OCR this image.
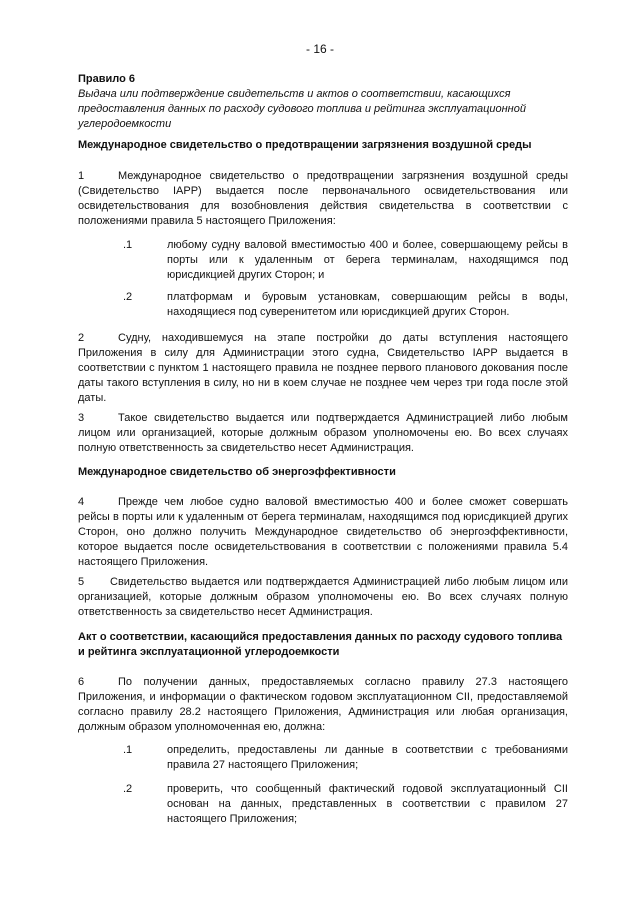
- 16 -
Правило 6
Выдача или подтверждение свидетельств и актов о соответствии, касающихся предоставления данных по расходу судового топлива и рейтинга эксплуатационной углеродоемкости
Международное свидетельство о предотвращении загрязнения воздушной среды
1	Международное свидетельство о предотвращении загрязнения воздушной среды (Свидетельство IAPP) выдается после первоначального освидетельствования или освидетельствования для возобновления действия свидетельства в соответствии с положениями правила 5 настоящего Приложения:
.1	любому судну валовой вместимостью 400 и более, совершающему рейсы в порты или к удаленным от берега терминалам, находящимся под юрисдикцией других Сторон; и
.2	платформам и буровым установкам, совершающим рейсы в воды, находящиеся под суверенитетом или юрисдикцией других Сторон.
2	Судну, находившемуся на этапе постройки до даты вступления настоящего Приложения в силу для Администрации этого судна, Свидетельство IAPP выдается в соответствии с пунктом 1 настоящего правила не позднее первого планового докования после даты такого вступления в силу, но ни в коем случае не позднее чем через три года после этой даты.
3	Такое свидетельство выдается или подтверждается Администрацией либо любым лицом или организацией, которые должным образом уполномочены ею. Во всех случаях полную ответственность за свидетельство несет Администрация.
Международное свидетельство об энергоэффективности
4	Прежде чем любое судно валовой вместимостью 400 и более сможет совершать рейсы в порты или к удаленным от берега терминалам, находящимся под юрисдикцией других Сторон, оно должно получить Международное свидетельство об энергоэффективности, которое выдается после освидетельствования в соответствии с положениями правила 5.4 настоящего Приложения.
5 Свидетельство выдается или подтверждается Администрацией либо любым лицом или организацией, которые должным образом уполномочены ею. Во всех случаях полную ответственность за свидетельство несет Администрация.
Акт о соответствии, касающийся предоставления данных по расходу судового топлива и рейтинга эксплуатационной углеродоемкости
6	По получении данных, предоставляемых согласно правилу 27.3 настоящего Приложения, и информации о фактическом годовом эксплуатационном CII, предоставляемой согласно правилу 28.2 настоящего Приложения, Администрация или любая организация, должным образом уполномоченная ею, должна:
.1	определить, предоставлены ли данные в соответствии с требованиями правила 27 настоящего Приложения;
.2	проверить, что сообщенный фактический годовой эксплуатационный CII основан на данных, представленных в соответствии с правилом 27 настоящего Приложения;
